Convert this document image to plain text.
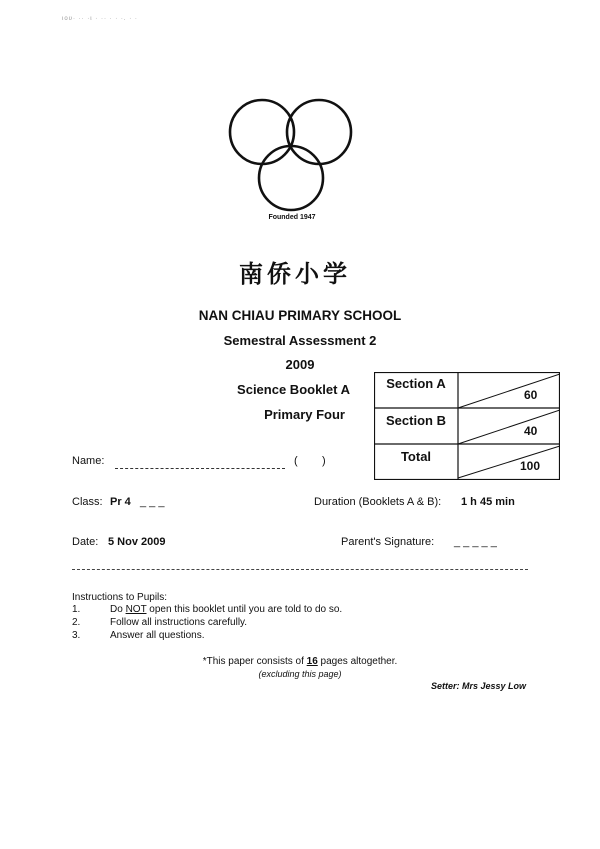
ιου· ·· ·ι · ·· · · ·. · ·
Founded 1947
南侨小学
NAN CHIAU PRIMARY SCHOOL
Semestral Assessment 2
2009
Science Booklet A
Primary Four
Section A
60
Section B
40
Total
100
Name:	( )
Class: Pr 4 _ _ _	Duration (Booklets A & B): 1 h 45 min
Date: 5 Nov 2009	Parent's Signature: _ _ _ _ _
Instructions to Pupils:
1.	Do NOT open this booklet until you are told to do so.
2.	Follow all instructions carefully.
3.	Answer all questions.
*This paper consists of 16 pages altogether.
(excluding this page)
Setter: Mrs Jessy Low
